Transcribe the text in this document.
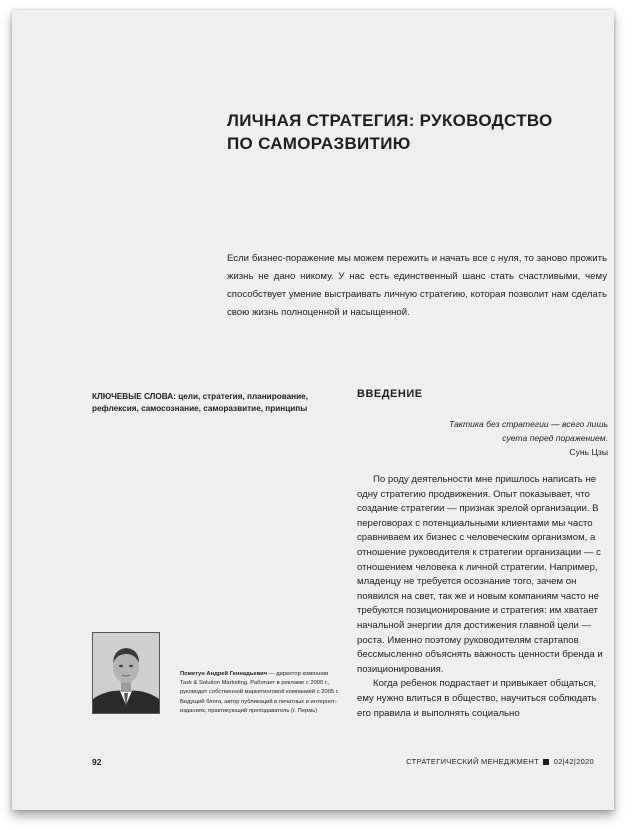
ЛИЧНАЯ СТРАТЕГИЯ: РУКОВОДСТВО
ПО САМОРАЗВИТИЮ

Если бизнес-поражение мы можем пережить и начать все с нуля, то заново прожить жизнь не дано никому. У нас есть единственный шанс стать счастливыми, чему способствует умение выстраивать личную стратегию, которая позволит нам сделать свою жизнь полноценной и насыщенной.

КЛЮЧЕВЫЕ СЛОВА: цели, стратегия, планирование, рефлексия, самосознание, саморазвитие, принципы

ВВЕДЕНИЕ
Тактика без стратегии — всего лишь
суета перед поражением.
Сунь Цзы

По роду деятельности мне пришлось написать не одну стратегию продвижения. Опыт показывает, что создание стратегии — признак зрелой организации. В переговорах с потенциальными клиентами мы часто сравниваем их бизнес с человеческим организмом, а отношение руководителя к стратегии организации — с отношением человека к личной стратегии. Например, младенцу не требуется осознание того, зачем он появился на свет, так же и новым компаниям часто не требуются позиционирование и стратегия: им хватает начальной энергии для достижения главной цели — роста. Именно поэтому руководителям стартапов бессмысленно объяснять важность ценности бренда и позиционирования.

Когда ребенок подрастает и привыкает общаться, ему нужно влиться в общество, научиться соблюдать его правила и выполнять социально

Пометун Андрей Геннадьевич — директор компании Task & Solution Marketing. Работает в рекламе с 2000 г., руководит собственной маркетинговой компанией с 2005 г. Ведущий блога, автор публикаций в печатных и интернет-изданиях, практикующий преподаватель (г. Пермь)

92	СТРАТЕГИЧЕСКИЙ МЕНЕДЖМЕНТ 02|42|2020
